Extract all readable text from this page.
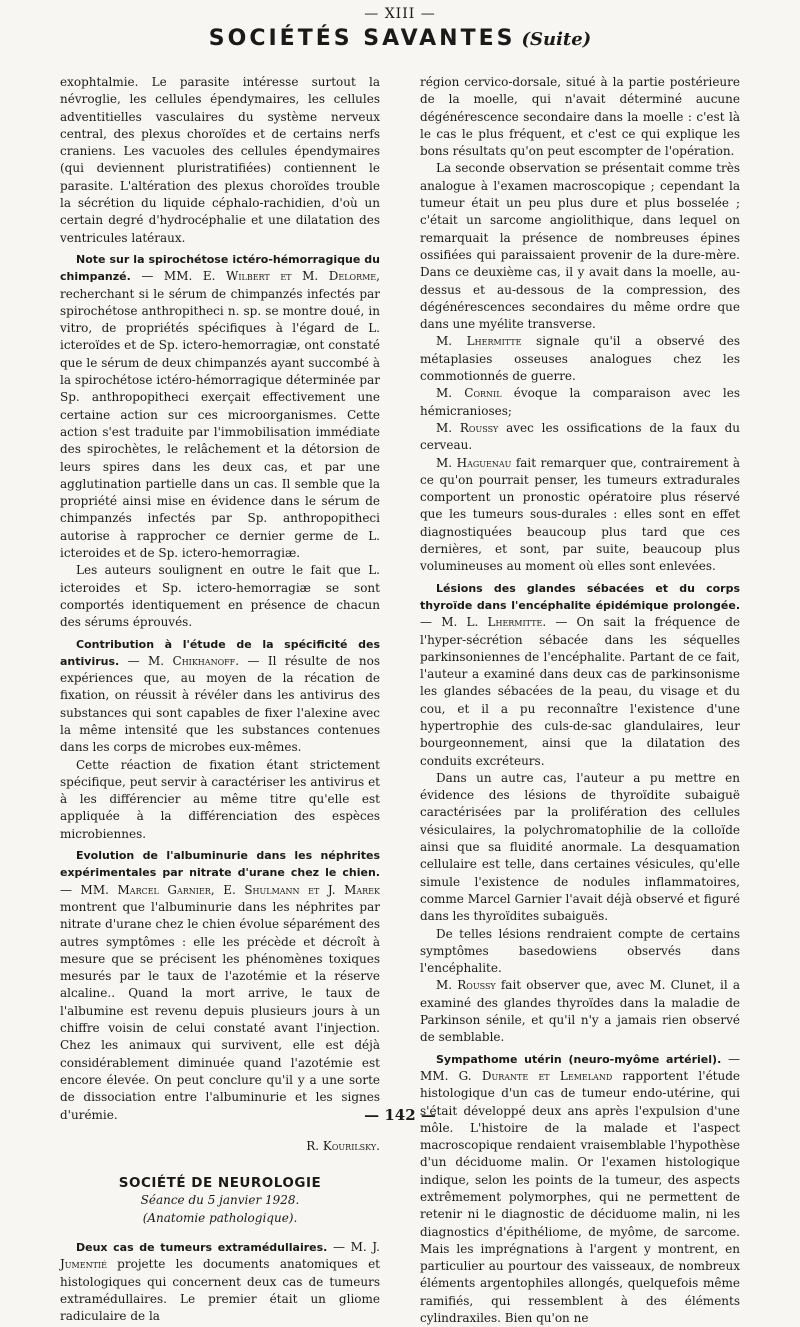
— XIII —
SOCIÉTÉS SAVANTES (Suite)

exophtalmie. Le parasite intéresse surtout la névroglie, les cellules épendymaires, les cellules adventitielles vasculaires du système nerveux central, des plexus choroïdes et de certains nerfs craniens. Les vacuoles des cellules épendymaires (qui deviennent pluristratifiées) contiennent le parasite. L'altération des plexus choroïdes trouble la sécrétion du liquide céphalo-rachidien, d'où un certain degré d'hydrocéphalie et une dilatation des ventricules latéraux.

Note sur la spirochétose ictéro-hémorragique du chimpanzé. — MM. E. Wilbert et M. Delorme, recherchant si le sérum de chimpanzés infectés par spirochétose anthropitheci n. sp. se montre doué, in vitro, de propriétés spécifiques à l'égard de L. icteroïdes et de Sp. ictero-hemorragiæ, ont constaté que le sérum de deux chimpanzés ayant succombé à la spirochétose ictéro-hémorragique déterminée par Sp. anthropopitheci exerçait effectivement une certaine action sur ces microorganismes. Cette action s'est traduite par l'immobilisation immédiate des spirochètes, le relâchement et la détorsion de leurs spires dans les deux cas, et par une agglutination partielle dans un cas. Il semble que la propriété ainsi mise en évidence dans le sérum de chimpanzés infectés par Sp. anthropopitheci autorise à rapprocher ce dernier germe de L. icteroides et de Sp. ictero-hemorragiæ.

Les auteurs soulignent en outre le fait que L. icteroides et Sp. ictero-hemorragiæ se sont comportés identiquement en présence de chacun des sérums éprouvés.

Contribution à l'étude de la spécificité des antivirus. — M. Chikhanoff. — Il résulte de nos expériences que, au moyen de la récation de fixation, on réussit à révéler dans les antivirus des substances qui sont capables de fixer l'alexine avec la même intensité que les substances contenues dans les corps de microbes eux-mêmes.

Cette réaction de fixation étant strictement spécifique, peut servir à caractériser les antivirus et à les différencier au même titre qu'elle est appliquée à la différenciation des espèces microbiennes.

Evolution de l'albuminurie dans les néphrites expérimentales par nitrate d'urane chez le chien. — MM. Marcel Garnier, E. Shulmann et J. Marek montrent que l'albuminurie dans les néphrites par nitrate d'urane chez le chien évolue séparément des autres symptômes : elle les précède et décroît à mesure que se précisent les phénomènes toxiques mesurés par le taux de l'azotémie et la réserve alcaline.. Quand la mort arrive, le taux de l'albumine est revenu depuis plusieurs jours à un chiffre voisin de celui constaté avant l'injection. Chez les animaux qui survivent, elle est déjà considérablement diminuée quand l'azotémie est encore élevée. On peut conclure qu'il y a une sorte de dissociation entre l'albuminurie et les signes d'urémie.

R. Kourilsky.
SOCIÉTÉ DE NEUROLOGIE
Séance du 5 janvier 1928.
(Anatomie pathologique).

Deux cas de tumeurs extramédullaires. — M. J. Jumentié projette les documents anatomiques et histologiques qui concernent deux cas de tumeurs extramédullaires. Le premier était un gliome radiculaire de la

région cervico-dorsale, situé à la partie postérieure de la moelle, qui n'avait déterminé aucune dégénérescence secondaire dans la moelle : c'est là le cas le plus fréquent, et c'est ce qui explique les bons résultats qu'on peut escompter de l'opération.

La seconde observation se présentait comme très analogue à l'examen macroscopique ; cependant la tumeur était un peu plus dure et plus bosselée ; c'était un sarcome angiolithique, dans lequel on remarquait la présence de nombreuses épines ossifiées qui paraissaient provenir de la dure-mère. Dans ce deuxième cas, il y avait dans la moelle, au-dessus et au-dessous de la compression, des dégénérescences secondaires du même ordre que dans une myélite transverse.

M. Lhermitte signale qu'il a observé des métaplasies osseuses analogues chez les commotionnés de guerre.

M. Cornil évoque la comparaison avec les hémicranioses;

M. Roussy avec les ossifications de la faux du cerveau.

M. Haguenau fait remarquer que, contrairement à ce qu'on pourrait penser, les tumeurs extradurales comportent un pronostic opératoire plus réservé que les tumeurs sous-durales : elles sont en effet diagnostiquées beaucoup plus tard que ces dernières, et sont, par suite, beaucoup plus volumineuses au moment où elles sont enlevées.

Lésions des glandes sébacées et du corps thyroïde dans l'encéphalite épidémique prolongée. — M. L. Lhermitte. — On sait la fréquence de l'hyper-sécrétion sébacée dans les séquelles parkinsoniennes de l'encéphalite. Partant de ce fait, l'auteur a examiné dans deux cas de parkinsonisme les glandes sébacées de la peau, du visage et du cou, et il a pu reconnaître l'existence d'une hypertrophie des culs-de-sac glandulaires, leur bourgeonnement, ainsi que la dilatation des conduits excréteurs.

Dans un autre cas, l'auteur a pu mettre en évidence des lésions de thyroïdite subaiguë caractérisées par la prolifération des cellules vésiculaires, la polychromatophilie de la colloïde ainsi que sa fluidité anormale. La desquamation cellulaire est telle, dans certaines vésicules, qu'elle simule l'existence de nodules inflammatoires, comme Marcel Garnier l'avait déjà observé et figuré dans les thyroïdites subaiguës.

De telles lésions rendraient compte de certains symptômes basedowiens observés dans l'encéphalite.

M. Roussy fait observer que, avec M. Clunet, il a examiné des glandes thyroïdes dans la maladie de Parkinson sénile, et qu'il n'y a jamais rien observé de semblable.

Sympathome utérin (neuro-myôme artériel). — MM. G. Durante et Lemeland rapportent l'étude histologique d'un cas de tumeur endo-utérine, qui s'était développé deux ans après l'expulsion d'une môle. L'histoire de la malade et l'aspect macroscopique rendaient vraisemblable l'hypothèse d'un déciduome malin. Or l'examen histologique indique, selon les points de la tumeur, des aspects extrêmement polymorphes, qui ne permettent de retenir ni le diagnostic de déciduome malin, ni les diagnostics d'épithéliome, de myôme, de sarcome. Mais les imprégnations à l'argent y montrent, en particulier au pourtour des vaisseaux, de nombreux éléments argentophiles allongés, quelquefois même ramifiés, qui ressemblent à des éléments cylindraxiles. Bien qu'on ne

— 142 —
